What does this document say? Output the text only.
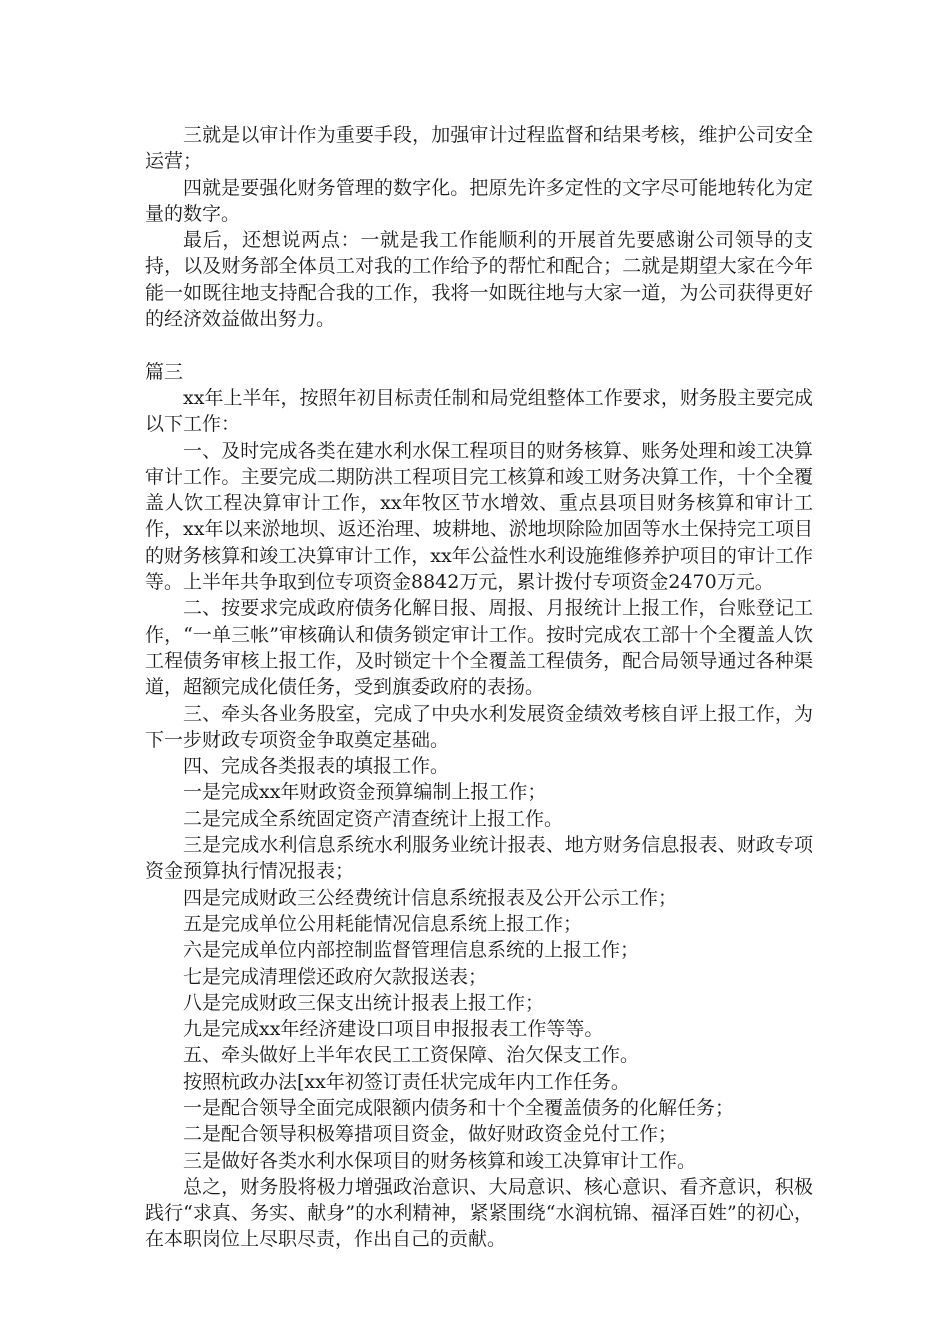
三就是以审计作为重要手段，加强审计过程监督和结果考核，维护公司安全运营；

四就是要强化财务管理的数字化。把原先许多定性的文字尽可能地转化为定量的数字。

最后，还想说两点：一就是我工作能顺利的开展首先要感谢公司领导的支持，以及财务部全体员工对我的工作给予的帮忙和配合；二就是期望大家在今年能一如既往地支持配合我的工作，我将一如既往地与大家一道，为公司获得更好的经济效益做出努力。

篇三

xx年上半年，按照年初目标责任制和局党组整体工作要求，财务股主要完成以下工作：

一、及时完成各类在建水利水保工程项目的财务核算、账务处理和竣工决算审计工作。主要完成二期防洪工程项目完工核算和竣工财务决算工作，十个全覆盖人饮工程决算审计工作，xx年牧区节水增效、重点县项目财务核算和审计工作，xx年以来淤地坝、返还治理、坡耕地、淤地坝除险加固等水土保持完工项目的财务核算和竣工决算审计工作，xx年公益性水利设施维修养护项目的审计工作等。上半年共争取到位专项资金8842万元，累计拨付专项资金2470万元。

二、按要求完成政府债务化解日报、周报、月报统计上报工作，台账登记工作，“一单三帐”审核确认和债务锁定审计工作。按时完成农工部十个全覆盖人饮工程债务审核上报工作，及时锁定十个全覆盖工程债务，配合局领导通过各种渠道，超额完成化债任务，受到旗委政府的表扬。

三、牵头各业务股室，完成了中央水利发展资金绩效考核自评上报工作，为下一步财政专项资金争取奠定基础。

四、完成各类报表的填报工作。

一是完成xx年财政资金预算编制上报工作；

二是完成全系统固定资产清查统计上报工作。

三是完成水利信息系统水利服务业统计报表、地方财务信息报表、财政专项资金预算执行情况报表；

四是完成财政三公经费统计信息系统报表及公开公示工作；

五是完成单位公用耗能情况信息系统上报工作；

六是完成单位内部控制监督管理信息系统的上报工作；

七是完成清理偿还政府欠款报送表；

八是完成财政三保支出统计报表上报工作；

九是完成xx年经济建设口项目申报报表工作等等。

五、牵头做好上半年农民工工资保障、治欠保支工作。

按照杭政办法[xx年初签订责任状完成年内工作任务。

一是配合领导全面完成限额内债务和十个全覆盖债务的化解任务；

二是配合领导积极筹措项目资金，做好财政资金兑付工作；

三是做好各类水利水保项目的财务核算和竣工决算审计工作。

总之，财务股将极力增强政治意识、大局意识、核心意识、看齐意识，积极践行“求真、务实、献身”的水利精神，紧紧围绕“水润杭锦、福泽百姓”的初心，在本职岗位上尽职尽责，作出自己的贡献。
